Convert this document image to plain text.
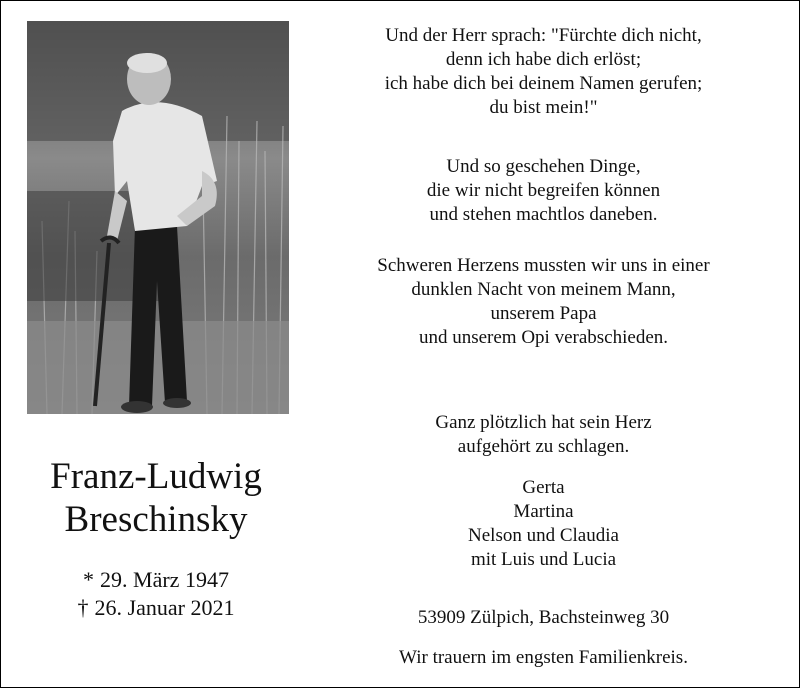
Franz-Ludwig
Breschinsky
* 29. März 1947
† 26. Januar 2021
Und der Herr sprach: "Fürchte dich nicht,
denn ich habe dich erlöst;
ich habe dich bei deinem Namen gerufen;
du bist mein!"
Und so geschehen Dinge,
die wir nicht begreifen können
und stehen machtlos daneben.
Schweren Herzens mussten wir uns in einer
dunklen Nacht von meinem Mann,
unserem Papa
und unserem Opi verabschieden.
Ganz plötzlich hat sein Herz
aufgehört zu schlagen.
Gerta
Martina
Nelson und Claudia
mit Luis und Lucia
53909 Zülpich, Bachsteinweg 30
Wir trauern im engsten Familienkreis.
